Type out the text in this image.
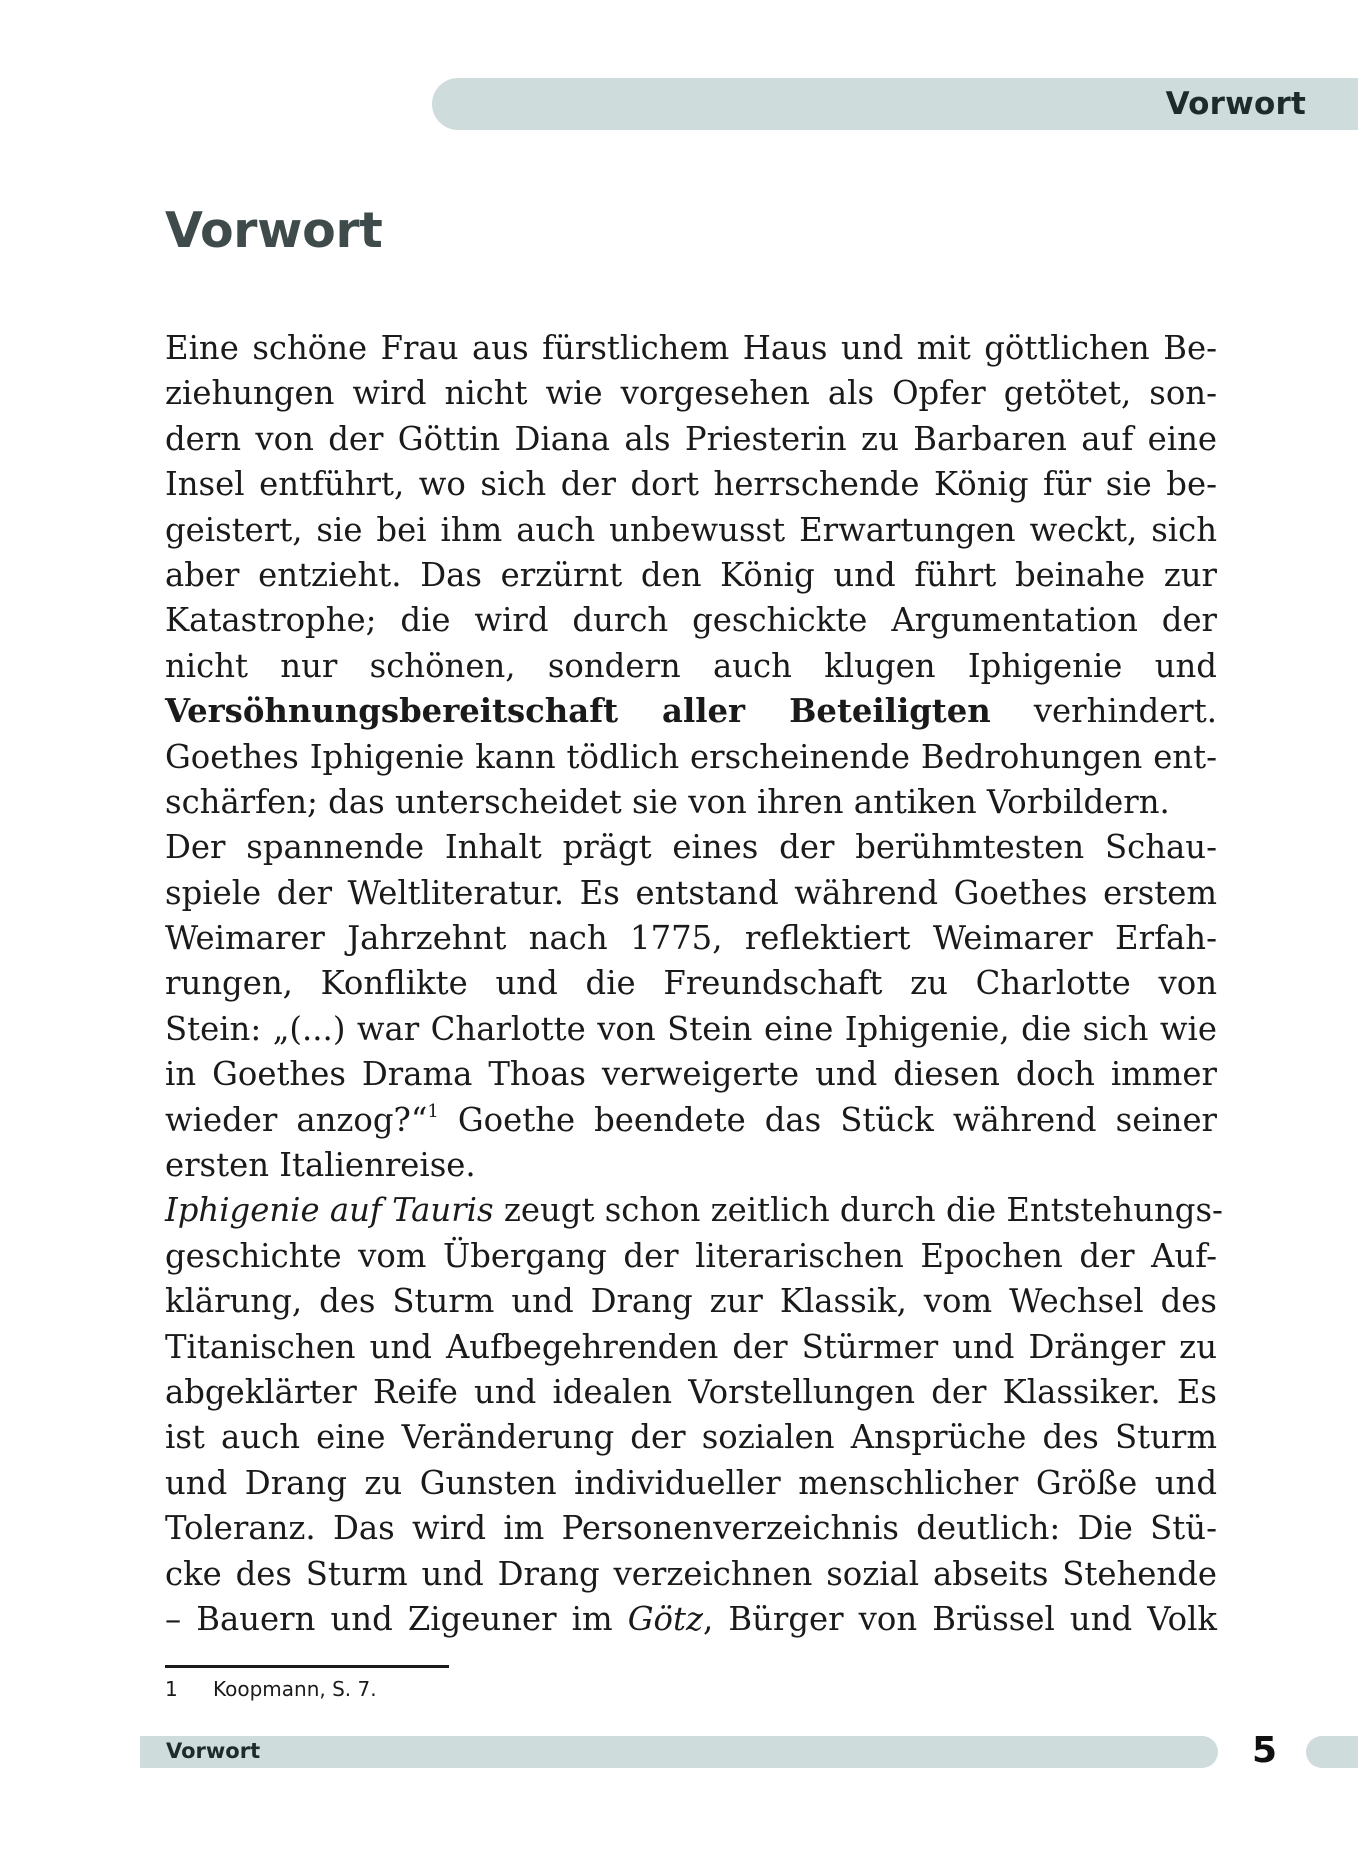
Vorwort
Vorwort
Eine schöne Frau aus fürstlichem Haus und mit göttlichen Be-
ziehungen wird nicht wie vorgesehen als Opfer getötet, son-
dern von der Göttin Diana als Priesterin zu Barbaren auf eine
Insel entführt, wo sich der dort herrschende König für sie be-
geistert, sie bei ihm auch unbewusst Erwartungen weckt, sich
aber entzieht. Das erzürnt den König und führt beinahe zur
Katastrophe; die wird durch geschickte Argumentation der
nicht nur schönen, sondern auch klugen Iphigenie und
Versöhnungsbereitschaft aller Beteiligten verhindert.
Goethes Iphigenie kann tödlich erscheinende Bedrohungen ent-
schärfen; das unterscheidet sie von ihren antiken Vorbildern.
Der spannende Inhalt prägt eines der berühmtesten Schau-
spiele der Weltliteratur. Es entstand während Goethes erstem
Weimarer Jahrzehnt nach 1775, reflektiert Weimarer Erfah-
rungen, Konflikte und die Freundschaft zu Charlotte von
Stein: „(...) war Charlotte von Stein eine Iphigenie, die sich wie
in Goethes Drama Thoas verweigerte und diesen doch immer
wieder anzog?“$^1$ Goethe beendete das Stück während seiner
ersten Italienreise.
Iphigenie auf Tauris zeugt schon zeitlich durch die Entstehungs-
geschichte vom Übergang der literarischen Epochen der Auf-
klärung, des Sturm und Drang zur Klassik, vom Wechsel des
Titanischen und Aufbegehrenden der Stürmer und Dränger zu
abgeklärter Reife und idealen Vorstellungen der Klassiker. Es
ist auch eine Veränderung der sozialen Ansprüche des Sturm
und Drang zu Gunsten individueller menschlicher Größe und
Toleranz. Das wird im Personenverzeichnis deutlich: Die Stü-
cke des Sturm und Drang verzeichnen sozial abseits Stehende
– Bauern und Zigeuner im Götz, Bürger von Brüssel und Volk
1 Koopmann, S. 7.
Vorwort	5
